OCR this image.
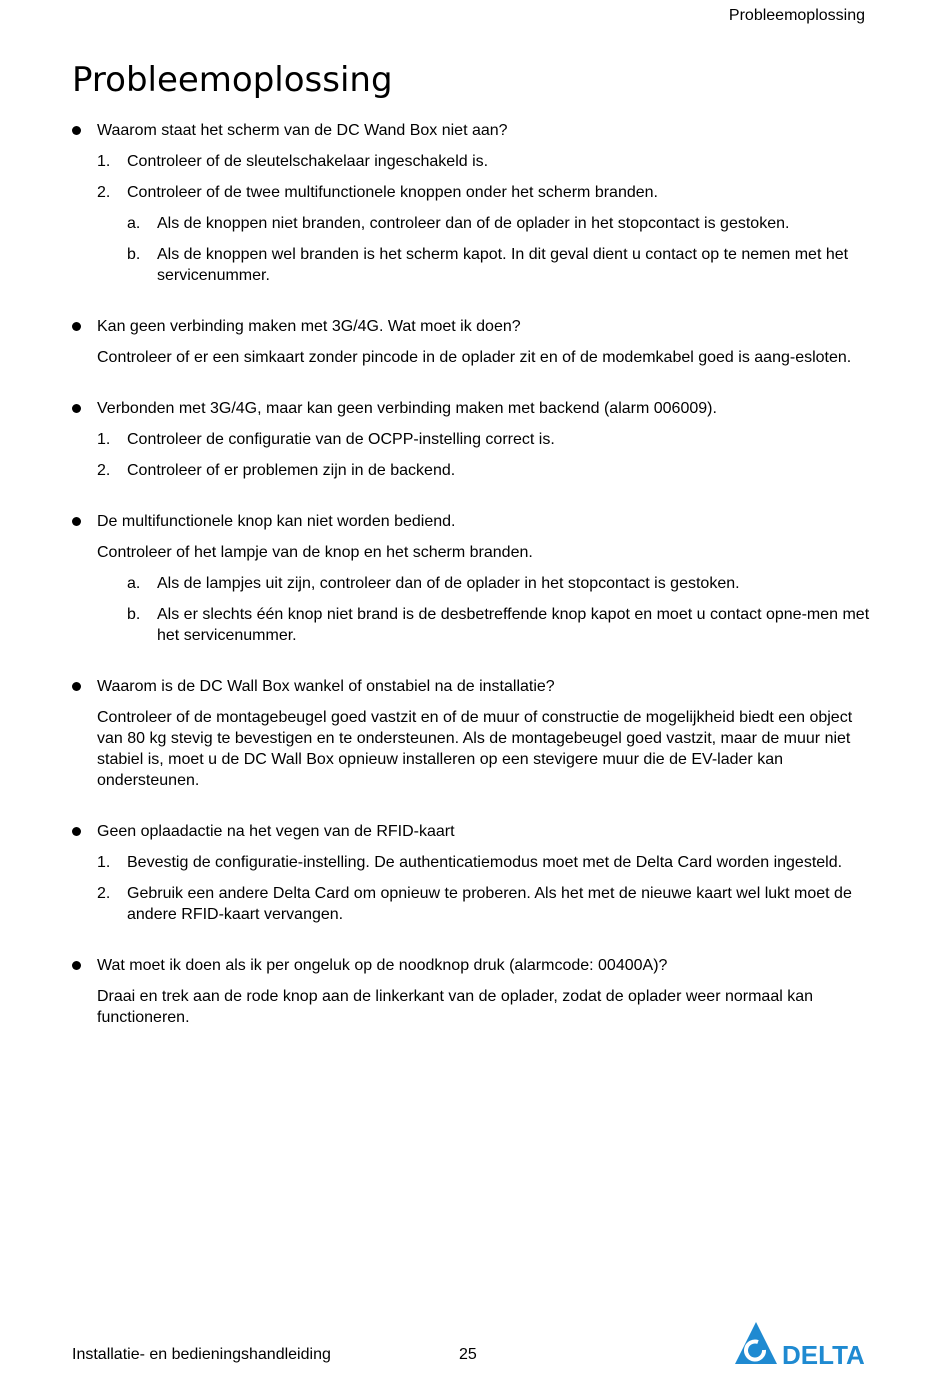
Probleemoplossing
Probleemoplossing
Waarom staat het scherm van de DC Wand Box niet aan?
1. Controleer of de sleutelschakelaar ingeschakeld is.
2. Controleer of de twee multifunctionele knoppen onder het scherm branden.
a. Als de knoppen niet branden, controleer dan of de oplader in het stopcontact is gestoken.
b. Als de knoppen wel branden is het scherm kapot. In dit geval dient u contact op te nemen met het servicenummer.
Kan geen verbinding maken met 3G/4G. Wat moet ik doen?
Controleer of er een simkaart zonder pincode in de oplader zit en of de modemkabel goed is aang-esloten.
Verbonden met 3G/4G, maar kan geen verbinding maken met backend (alarm 006009).
1. Controleer de configuratie van de OCPP-instelling correct is.
2. Controleer of er problemen zijn in de backend.
De multifunctionele knop kan niet worden bediend.
Controleer of het lampje van de knop en het scherm branden.
a. Als de lampjes uit zijn, controleer dan of de oplader in het stopcontact is gestoken.
b. Als er slechts één knop niet brand is de desbetreffende knop kapot en moet u contact opne-men met het servicenummer.
Waarom is de DC Wall Box wankel of onstabiel na de installatie?
Controleer of de montagebeugel goed vastzit en of de muur of constructie de mogelijkheid biedt een object van 80 kg stevig te bevestigen en te ondersteunen. Als de montagebeugel goed vastzit, maar de muur niet stabiel is, moet u de DC Wall Box opnieuw installeren op een stevigere muur die de EV-lader kan ondersteunen.
Geen oplaadactie na het vegen van de RFID-kaart
1. Bevestig de configuratie-instelling. De authenticatiemodus moet met de Delta Card worden ingesteld.
2. Gebruik een andere Delta Card om opnieuw te proberen. Als het met de nieuwe kaart wel lukt moet de andere RFID-kaart vervangen.
Wat moet ik doen als ik per ongeluk op de noodknop druk (alarmcode: 00400A)?
Draai en trek aan de rode knop aan de linkerkant van de oplader, zodat de oplader weer normaal kan functioneren.
Installatie- en bedieningshandleiding	25	DELTA
